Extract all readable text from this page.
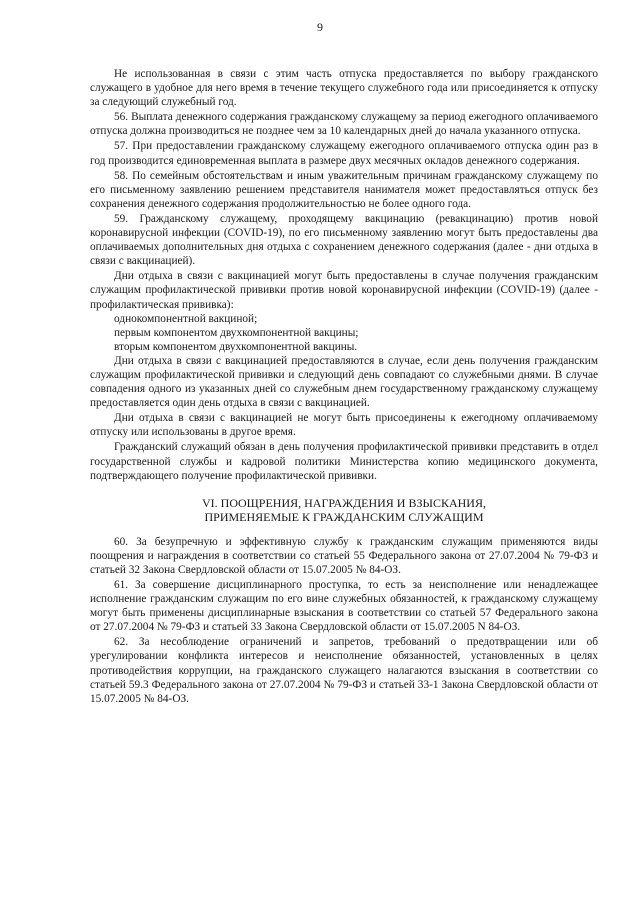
9

Не использованная в связи с этим часть отпуска предоставляется по выбору гражданского служащего в удобное для него время в течение текущего служебного года или присоединяется к отпуску за следующий служебный год.

56. Выплата денежного содержания гражданскому служащему за период ежегодного оплачиваемого отпуска должна производиться не позднее чем за 10 календарных дней до начала указанного отпуска.

57. При предоставлении гражданскому служащему ежегодного оплачиваемого отпуска один раз в год производится единовременная выплата в размере двух месячных окладов денежного содержания.

58. По семейным обстоятельствам и иным уважительным причинам гражданскому служащему по его письменному заявлению решением представителя нанимателя может предоставляться отпуск без сохранения денежного содержания продолжительностью не более одного года.

59. Гражданскому служащему, проходящему вакцинацию (ревакцинацию) против новой коронавирусной инфекции (COVID-19), по его письменному заявлению могут быть предоставлены два оплачиваемых дополнительных дня отдыха с сохранением денежного содержания (далее - дни отдыха в связи с вакцинацией).

Дни отдыха в связи с вакцинацией могут быть предоставлены в случае получения гражданским служащим профилактической прививки против новой коронавирусной инфекции (COVID-19) (далее - профилактическая прививка):

однокомпонентной вакциной;

первым компонентом двухкомпонентной вакцины;

вторым компонентом двухкомпонентной вакцины.

Дни отдыха в связи с вакцинацией предоставляются в случае, если день получения гражданским служащим профилактической прививки и следующий день совпадают со служебными днями. В случае совпадения одного из указанных дней со служебным днем государственному гражданскому служащему предоставляется один день отдыха в связи с вакцинацией.

Дни отдыха в связи с вакцинацией не могут быть присоединены к ежегодному оплачиваемому отпуску или использованы в другое время.

Гражданский служащий обязан в день получения профилактической прививки представить в отдел государственной службы и кадровой политики Министерства копию медицинского документа, подтверждающего получение профилактической прививки.

VI. ПООЩРЕНИЯ, НАГРАЖДЕНИЯ И ВЗЫСКАНИЯ,
ПРИМЕНЯЕМЫЕ К ГРАЖДАНСКИМ СЛУЖАЩИМ

60. За безупречную и эффективную службу к гражданским служащим применяются виды поощрения и награждения в соответствии со статьей 55 Федерального закона от 27.07.2004 № 79-ФЗ и статьей 32 Закона Свердловской области от 15.07.2005 № 84-ОЗ.

61. За совершение дисциплинарного проступка, то есть за неисполнение или ненадлежащее исполнение гражданским служащим по его вине служебных обязанностей, к гражданскому служащему могут быть применены дисциплинарные взыскания в соответствии со статьей 57 Федерального закона от 27.07.2004 № 79-ФЗ и статьей 33 Закона Свердловской области от 15.07.2005 N 84-ОЗ.

62. За несоблюдение ограничений и запретов, требований о предотвращении или об урегулировании конфликта интересов и неисполнение обязанностей, установленных в целях противодействия коррупции, на гражданского служащего налагаются взыскания в соответствии со статьей 59.3 Федерального закона от 27.07.2004 № 79-ФЗ и статьей 33-1 Закона Свердловской области от 15.07.2005 № 84-ОЗ.
